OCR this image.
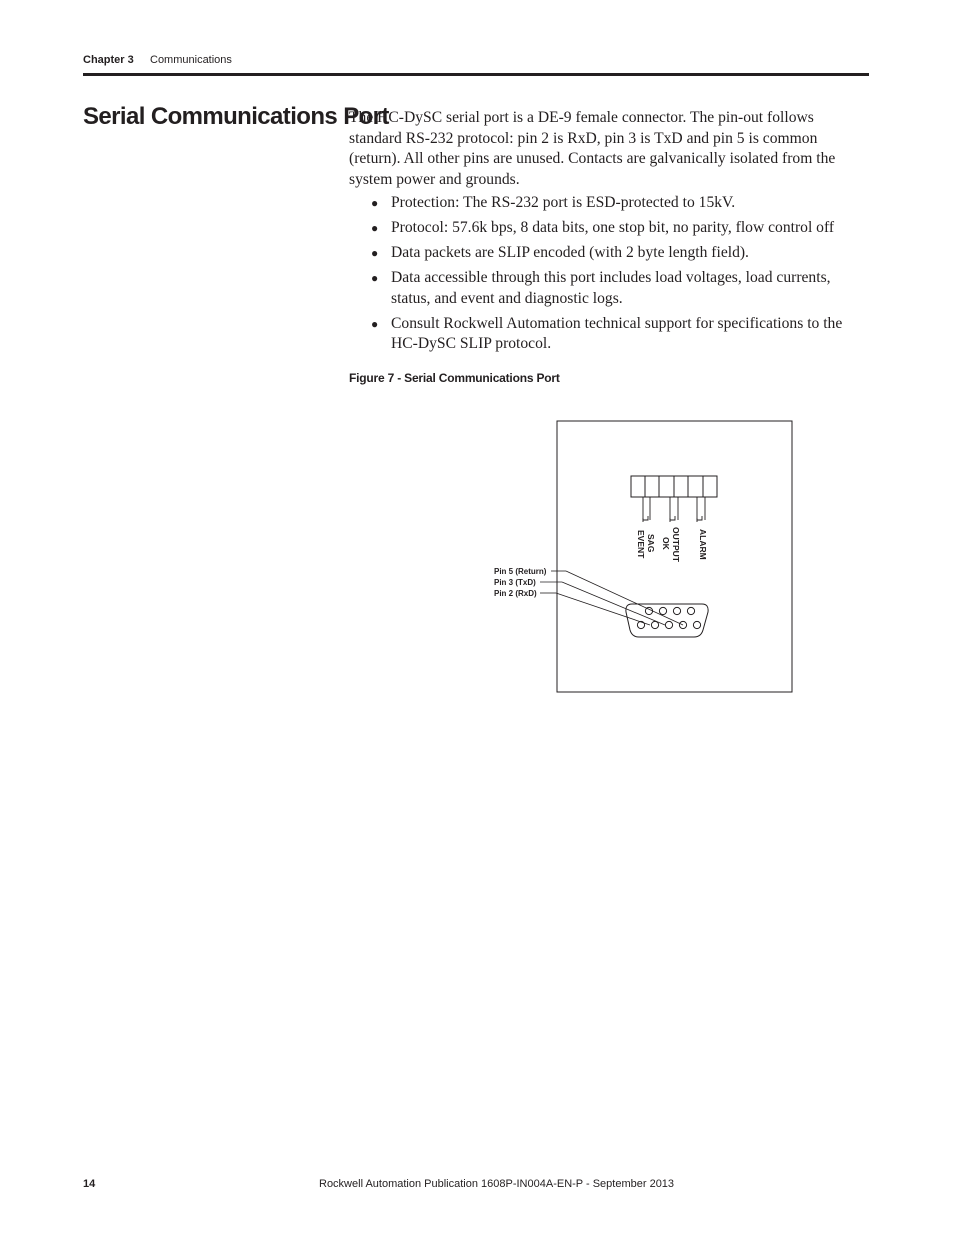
Chapter 3 Communications
Serial Communications Port

The HC-DySC serial port is a DE-9 female connector. The pin-out follows standard RS-232 protocol: pin 2 is RxD, pin 3 is TxD and pin 5 is common (return). All other pins are unused. Contacts are galvanically isolated from the system power and grounds.

● Protection: The RS-232 port is ESD-protected to 15kV.
● Protocol: 57.6k bps, 8 data bits, one stop bit, no parity, flow control off
● Data packets are SLIP encoded (with 2 byte length field).
● Data accessible through this port includes load voltages, load currents, status, and event and diagnostic logs.
● Consult Rockwell Automation technical support for specifications to the HC-DySC SLIP protocol.
Figure 7 - Serial Communications Port
EVENT SAG OUTPUT
OK	ALARM
Pin 5 (Return)
Pin 3 (TxD)
Pin 2 (RxD)
14	Rockwell Automation Publication 1608P-IN004A-EN-P - September 2013
